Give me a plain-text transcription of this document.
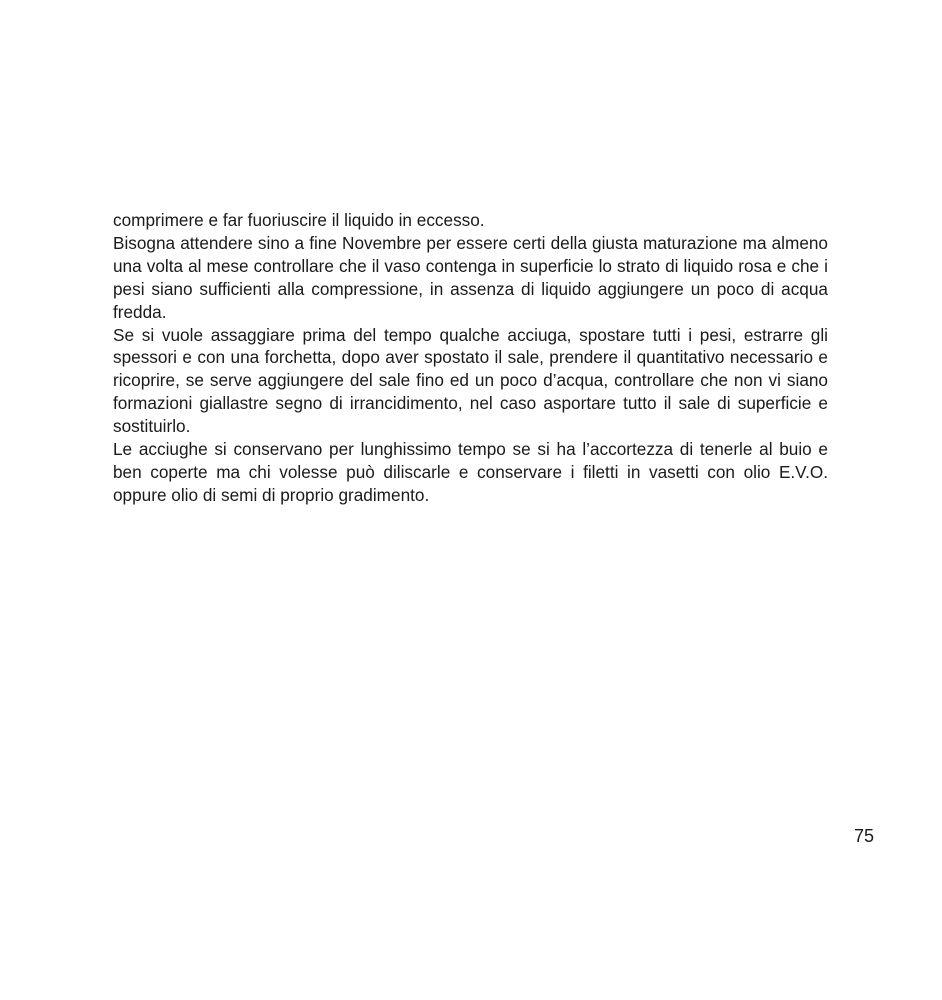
comprimere e far fuoriuscire il liquido in eccesso.

Bisogna attendere sino a fine Novembre per essere certi della giusta maturazione ma almeno una volta al mese controllare che il vaso contenga in superficie lo strato di liquido rosa e che i pesi siano sufficienti alla compressione, in assenza di liquido aggiungere un poco di acqua fredda.

Se si vuole assaggiare prima del tempo qualche acciuga, spostare tutti i pesi, estrarre gli spessori e con una forchetta, dopo aver spostato il sale, prendere il quantitativo necessario e ricoprire, se serve aggiungere del sale fino ed un poco d’acqua, controllare che non vi siano formazioni giallastre segno di irrancidimento, nel caso asportare tutto il sale di superficie e sostituirlo.

Le acciughe si conservano per lunghissimo tempo se si ha l’accortezza di tenerle al buio e ben coperte ma chi volesse può diliscarle e conservare i filetti in vasetti con olio E.V.O. oppure olio di semi di proprio gradimento.

75
